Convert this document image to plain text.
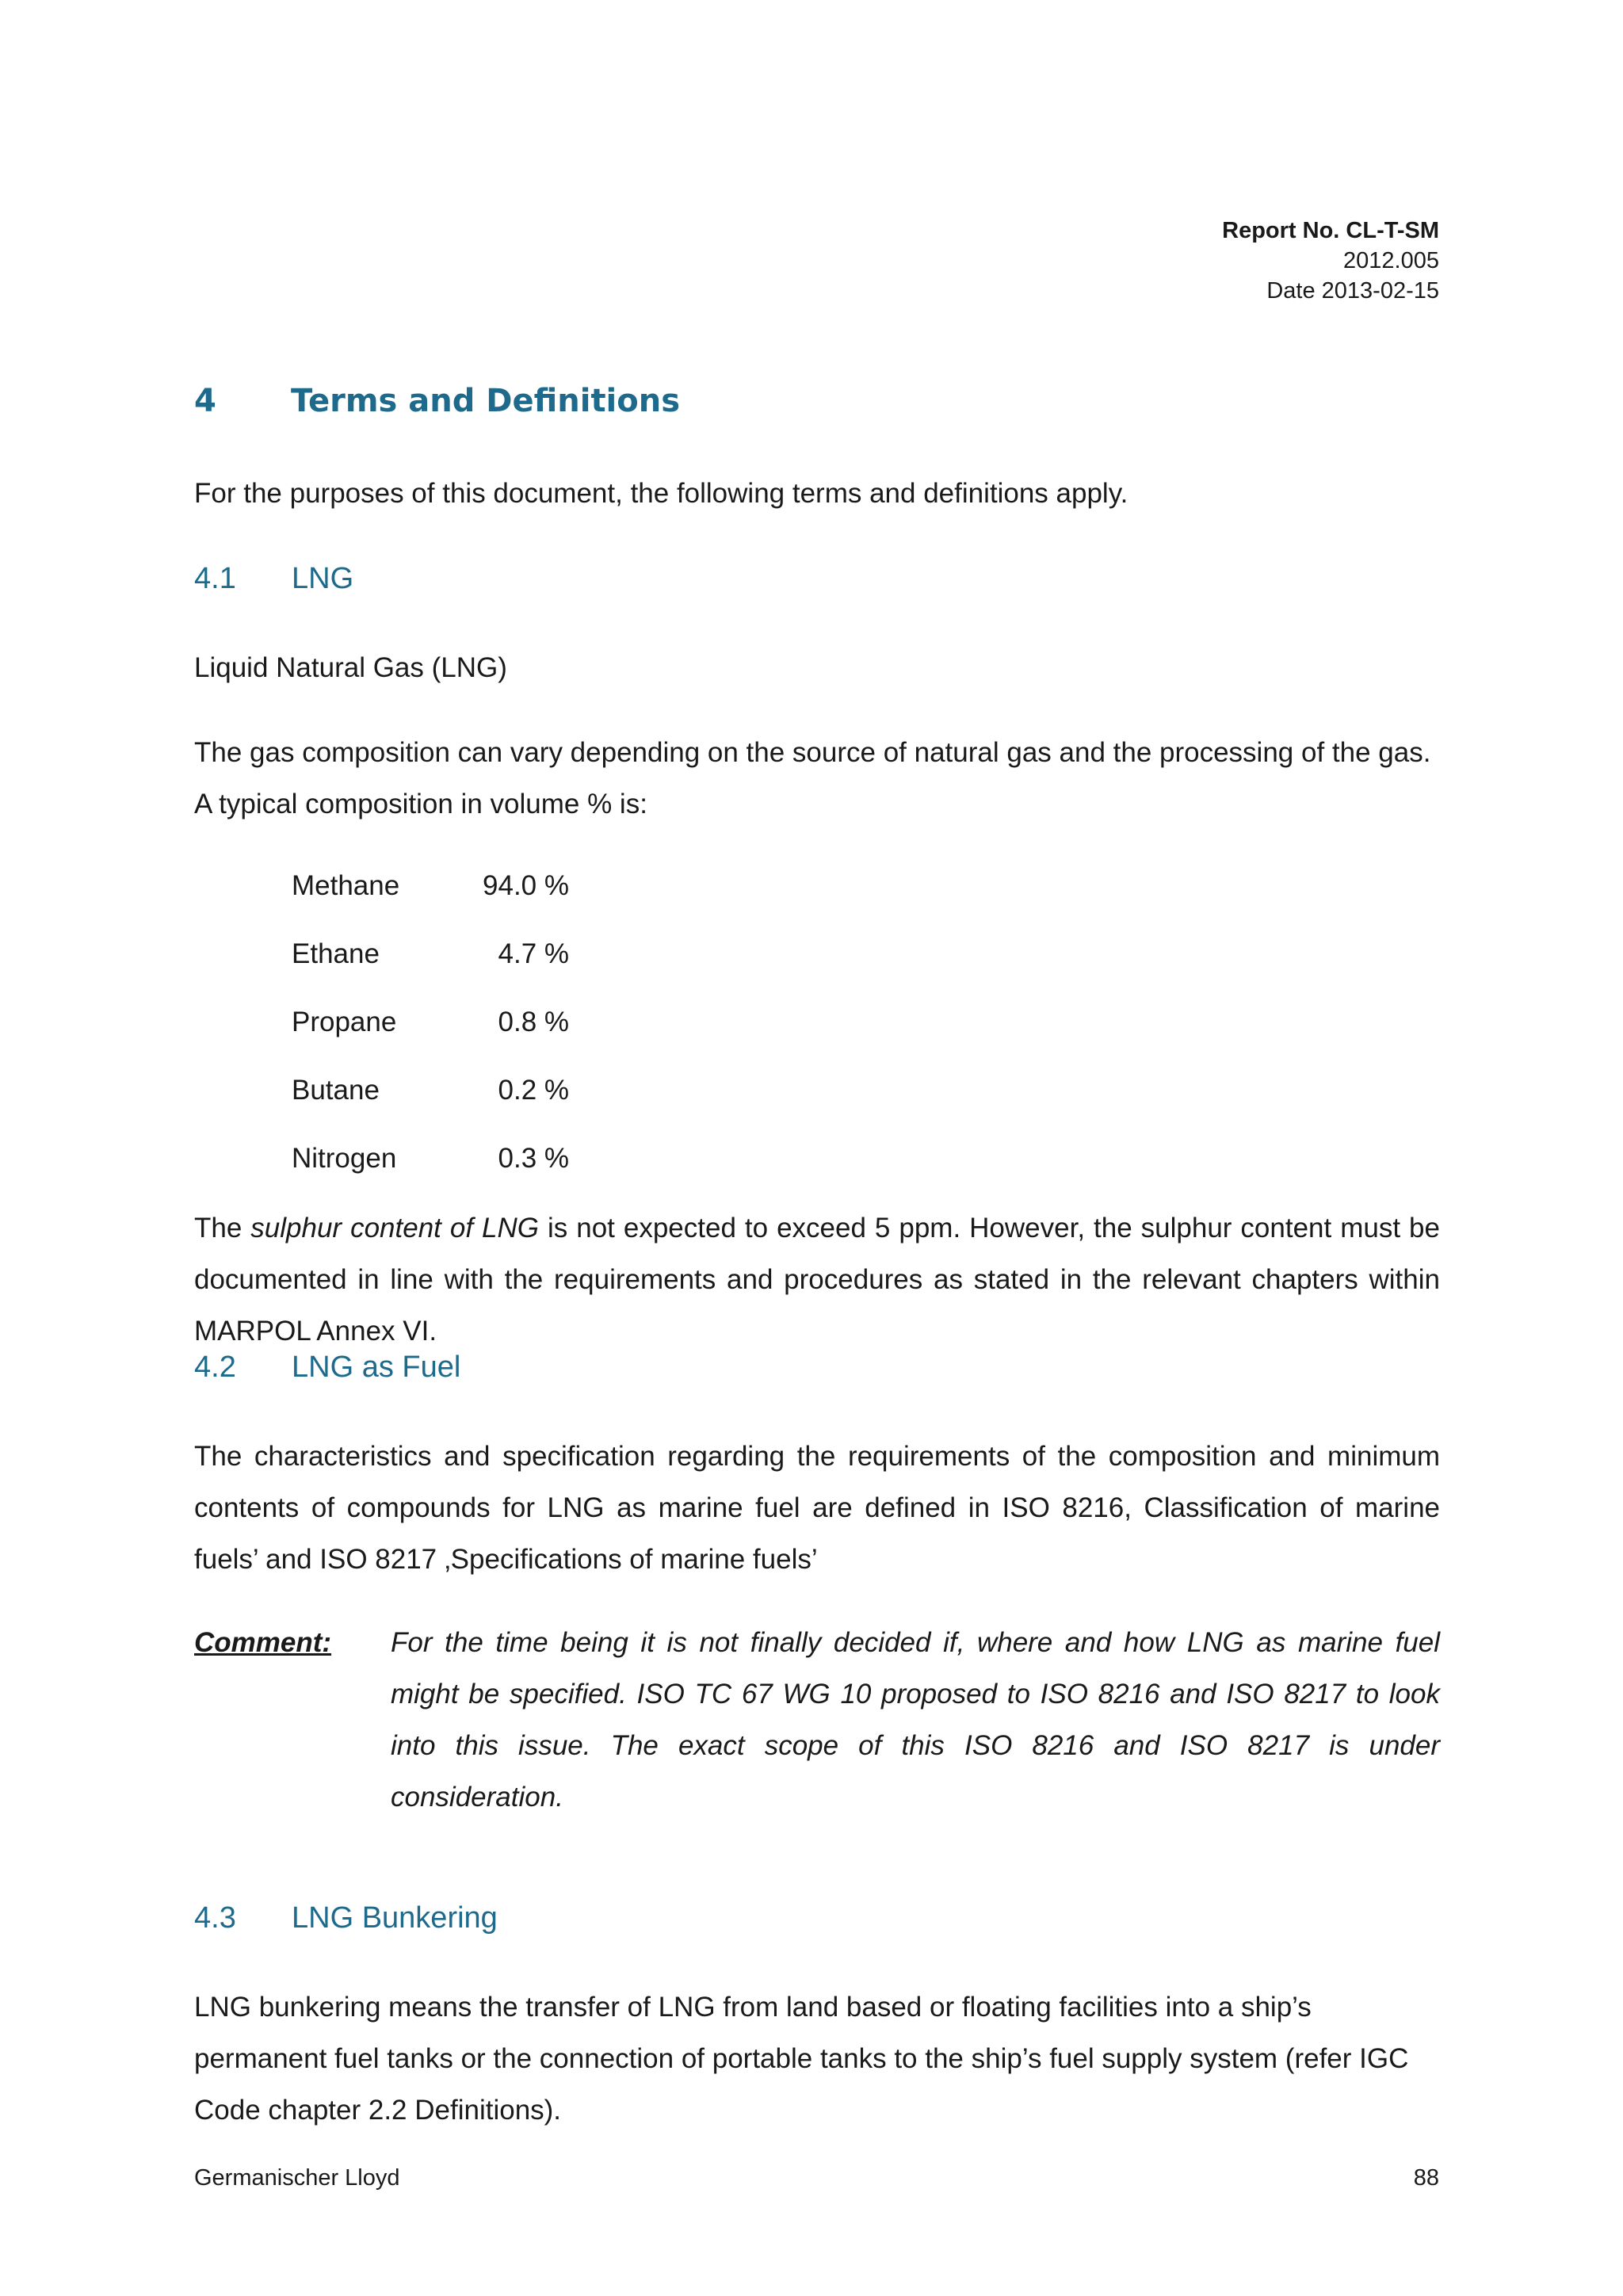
Report No. CL-T-SM
2012.005
Date 2013-02-15
4 Terms and Definitions

For the purposes of this document, the following terms and definitions apply.

4.1 LNG

Liquid Natural Gas (LNG)

The gas composition can vary depending on the source of natural gas and the processing of the gas. A typical composition in volume % is:

Methane	94.0 %
Ethane	4.7 %
Propane	0.8 %
Butane	0.2 %
Nitrogen	0.3 %

The sulphur content of LNG is not expected to exceed 5 ppm. However, the sulphur content must be documented in line with the requirements and procedures as stated in the relevant chapters within MARPOL Annex VI.

4.2 LNG as Fuel

The characteristics and specification regarding the requirements of the composition and minimum contents of compounds for LNG as marine fuel are defined in ISO 8216, Classification of marine fuels’ and ISO 8217 ‚Specifications of marine fuels’

Comment: For the time being it is not finally decided if, where and how LNG as marine fuel might be specified. ISO TC 67 WG 10 proposed to ISO 8216 and ISO 8217 to look into this issue. The exact scope of this ISO 8216 and ISO 8217 is under consideration.

4.3 LNG Bunkering

LNG bunkering means the transfer of LNG from land based or floating facilities into a ship’s permanent fuel tanks or the connection of portable tanks to the ship’s fuel supply system (refer IGC Code chapter 2.2 Definitions).

Germanischer Lloyd	88
